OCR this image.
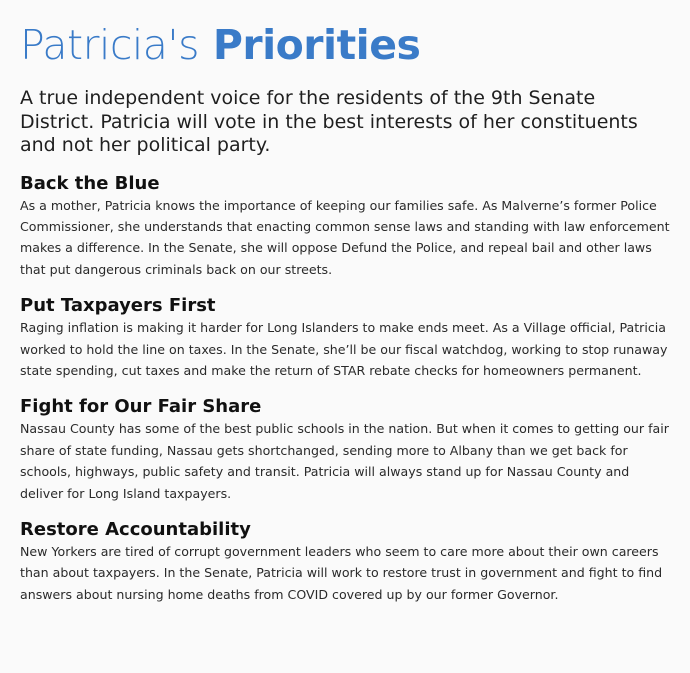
Patricia's Priorities

A true independent voice for the residents of the 9th Senate District. Patricia will vote in the best interests of her constituents and not her political party.

Back the Blue

As a mother, Patricia knows the importance of keeping our families safe. As Malverne’s former Police Commissioner, she understands that enacting common sense laws and standing with law enforcement makes a difference. In the Senate, she will oppose Defund the Police, and repeal bail and other laws that put dangerous criminals back on our streets.

Put Taxpayers First

Raging inflation is making it harder for Long Islanders to make ends meet. As a Village official, Patricia worked to hold the line on taxes. In the Senate, she’ll be our fiscal watchdog, working to stop runaway state spending, cut taxes and make the return of STAR rebate checks for homeowners permanent.

Fight for Our Fair Share

Nassau County has some of the best public schools in the nation. But when it comes to getting our fair share of state funding, Nassau gets shortchanged, sending more to Albany than we get back for schools, highways, public safety and transit. Patricia will always stand up for Nassau County and deliver for Long Island taxpayers.

Restore Accountability

New Yorkers are tired of corrupt government leaders who seem to care more about their own careers than about taxpayers. In the Senate, Patricia will work to restore trust in government and fight to find answers about nursing home deaths from COVID covered up by our former Governor.
